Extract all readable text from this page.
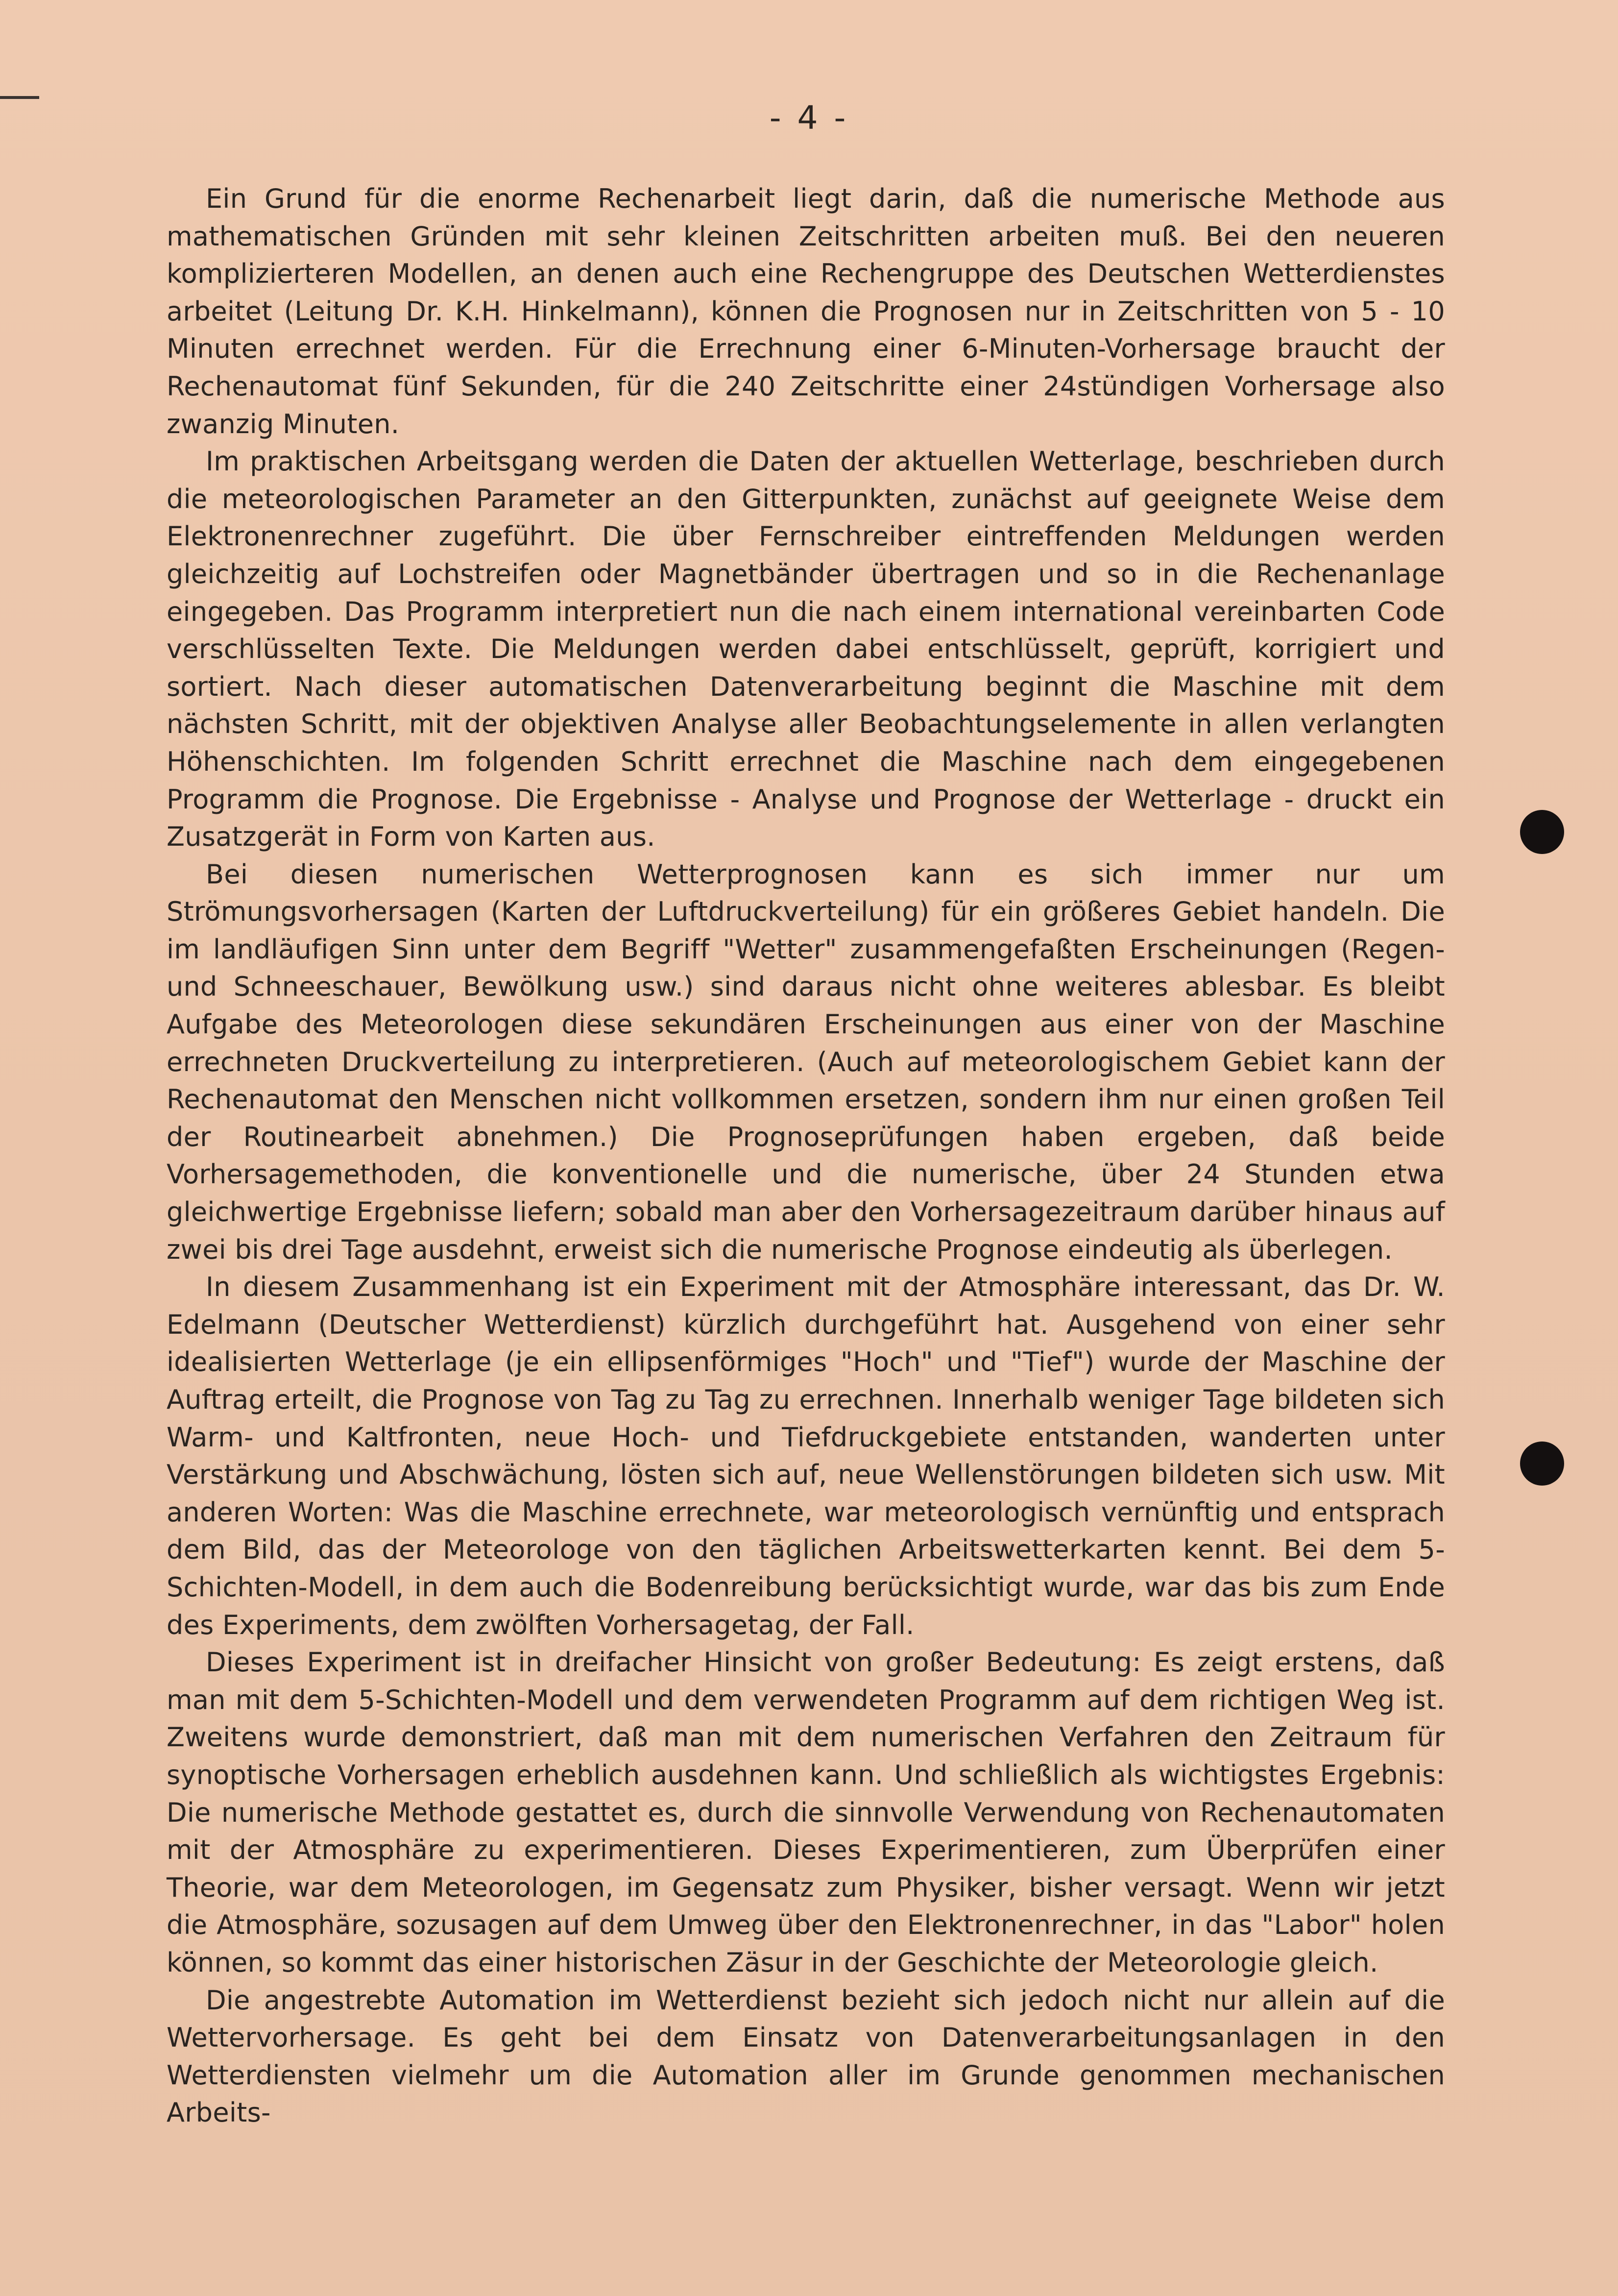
- 4 -

Ein Grund für die enorme Rechenarbeit liegt darin, daß die numerische Methode aus mathematischen Gründen mit sehr kleinen Zeitschritten arbeiten muß. Bei den neueren komplizierteren Modellen, an denen auch eine Rechengruppe des Deutschen Wetterdienstes arbeitet (Leitung Dr. K.H. Hinkelmann), können die Prognosen nur in Zeitschritten von 5 - 10 Minuten errechnet werden. Für die Errechnung einer 6-Minuten-Vorhersage braucht der Rechenautomat fünf Sekunden, für die 240 Zeitschritte einer 24stündigen Vorhersage also zwanzig Minuten.

Im praktischen Arbeitsgang werden die Daten der aktuellen Wetterlage, beschrieben durch die meteorologischen Parameter an den Gitterpunkten, zunächst auf geeignete Weise dem Elektronenrechner zugeführt. Die über Fernschreiber eintreffenden Meldungen werden gleichzeitig auf Lochstreifen oder Magnetbänder übertragen und so in die Rechenanlage eingegeben. Das Programm interpretiert nun die nach einem international vereinbarten Code verschlüsselten Texte. Die Meldungen werden dabei entschlüsselt, geprüft, korrigiert und sortiert. Nach dieser automatischen Datenverarbeitung beginnt die Maschine mit dem nächsten Schritt, mit der objektiven Analyse aller Beobachtungselemente in allen verlangten Höhenschichten. Im folgenden Schritt errechnet die Maschine nach dem eingegebenen Programm die Prognose. Die Ergebnisse - Analyse und Prognose der Wetterlage - druckt ein Zusatzgerät in Form von Karten aus.

Bei diesen numerischen Wetterprognosen kann es sich immer nur um Strömungsvorhersagen (Karten der Luftdruckverteilung) für ein größeres Gebiet handeln. Die im landläufigen Sinn unter dem Begriff "Wetter" zusammengefaßten Erscheinungen (Regen- und Schneeschauer, Bewölkung usw.) sind daraus nicht ohne weiteres ablesbar. Es bleibt Aufgabe des Meteorologen diese sekundären Erscheinungen aus einer von der Maschine errechneten Druckverteilung zu interpretieren. (Auch auf meteorologischem Gebiet kann der Rechenautomat den Menschen nicht vollkommen ersetzen, sondern ihm nur einen großen Teil der Routinearbeit abnehmen.) Die Prognoseprüfungen haben ergeben, daß beide Vorhersagemethoden, die konventionelle und die numerische, über 24 Stunden etwa gleichwertige Ergebnisse liefern; sobald man aber den Vorhersagezeitraum darüber hinaus auf zwei bis drei Tage ausdehnt, erweist sich die numerische Prognose eindeutig als überlegen.

In diesem Zusammenhang ist ein Experiment mit der Atmosphäre interessant, das Dr. W. Edelmann (Deutscher Wetterdienst) kürzlich durchgeführt hat. Ausgehend von einer sehr idealisierten Wetterlage (je ein ellipsenförmiges "Hoch" und "Tief") wurde der Maschine der Auftrag erteilt, die Prognose von Tag zu Tag zu errechnen. Innerhalb weniger Tage bildeten sich Warm- und Kaltfronten, neue Hoch- und Tiefdruckgebiete entstanden, wanderten unter Verstärkung und Abschwächung, lösten sich auf, neue Wellenstörungen bildeten sich usw. Mit anderen Worten: Was die Maschine errechnete, war meteorologisch vernünftig und entsprach dem Bild, das der Meteorologe von den täglichen Arbeitswetterkarten kennt. Bei dem 5-Schichten-Modell, in dem auch die Bodenreibung berücksichtigt wurde, war das bis zum Ende des Experiments, dem zwölften Vorhersagetag, der Fall.

Dieses Experiment ist in dreifacher Hinsicht von großer Bedeutung: Es zeigt erstens, daß man mit dem 5-Schichten-Modell und dem verwendeten Programm auf dem richtigen Weg ist. Zweitens wurde demonstriert, daß man mit dem numerischen Verfahren den Zeitraum für synoptische Vorhersagen erheblich ausdehnen kann. Und schließlich als wichtigstes Ergebnis: Die numerische Methode gestattet es, durch die sinnvolle Verwendung von Rechenautomaten mit der Atmosphäre zu experimentieren. Dieses Experimentieren, zum Überprüfen einer Theorie, war dem Meteorologen, im Gegensatz zum Physiker, bisher versagt. Wenn wir jetzt die Atmosphäre, sozusagen auf dem Umweg über den Elektronenrechner, in das "Labor" holen können, so kommt das einer historischen Zäsur in der Geschichte der Meteorologie gleich.

Die angestrebte Automation im Wetterdienst bezieht sich jedoch nicht nur allein auf die Wettervorhersage. Es geht bei dem Einsatz von Datenverarbeitungsanlagen in den Wetterdiensten vielmehr um die Automation aller im Grunde genommen mechanischen Arbeits-
